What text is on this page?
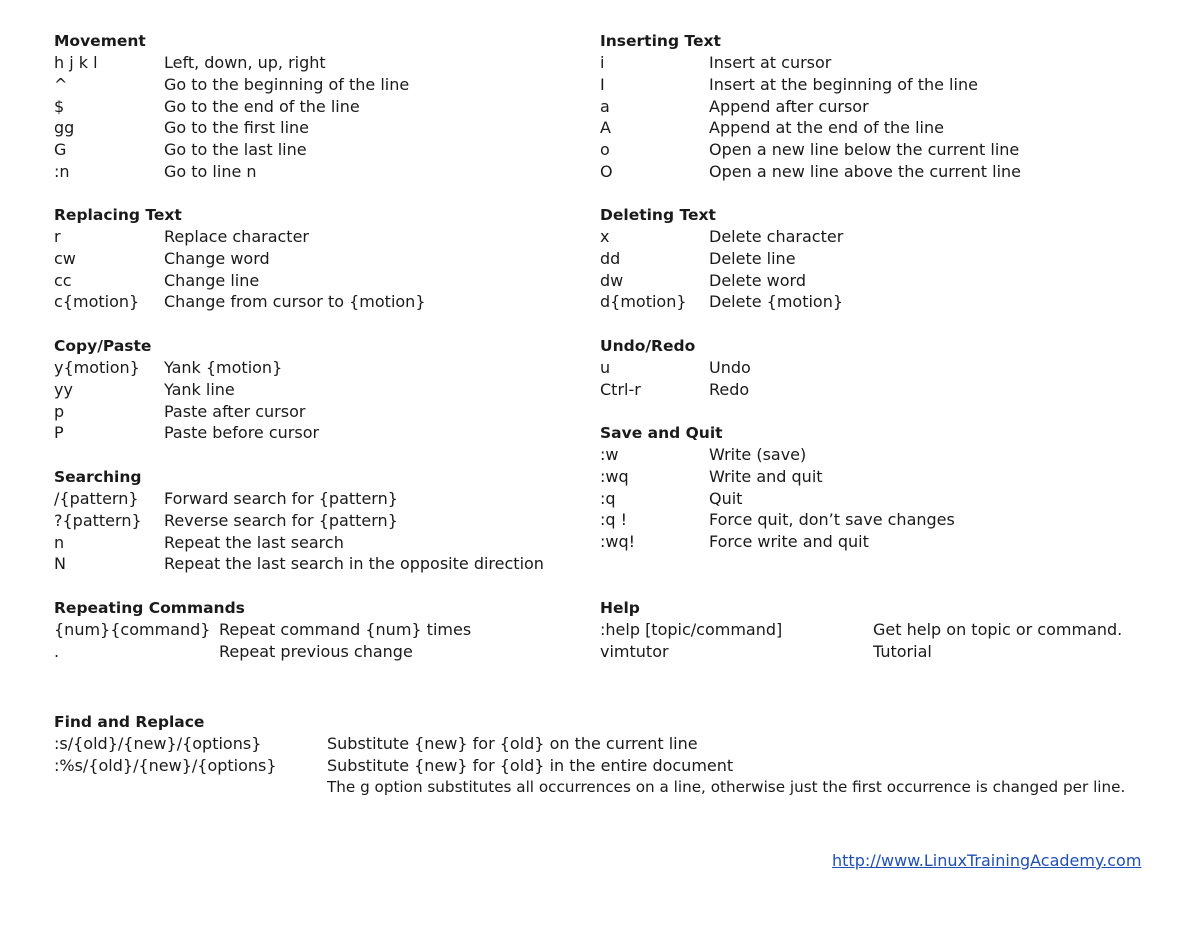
Movement
h j k l	Left, down, up, right
^	Go to the beginning of the line
$	Go to the end of the line
gg	Go to the first line
G	Go to the last line
:n	Go to line n
Inserting Text
i	Insert at cursor
I	Insert at the beginning of the line
a	Append after cursor
A	Append at the end of the line
o	Open a new line below the current line
O	Open a new line above the current line
Replacing Text
r	Replace character
cw	Change word
cc	Change line
c{motion} Change from cursor to {motion}
Deleting Text
x	Delete character
dd	Delete line
dw	Delete word
d{motion} Delete {motion}
Copy/Paste
y{motion} Yank {motion}
yy	Yank line
p	Paste after cursor
P	Paste before cursor
Undo/Redo
u	Undo
Ctrl-r	Redo
Save and Quit
:w	Write (save)
:wq	Write and quit
:q	Quit
:q !	Force quit, don’t save changes
:wq!	Force write and quit
Searching
/{pattern} Forward search for {pattern}
?{pattern} Reverse search for {pattern}
n	Repeat the last search
N	Repeat the last search in the opposite direction
Repeating Commands
{num}{command} Repeat command {num} times
.	Repeat previous change
Help
:help [topic/command]	Get help on topic or command.
vimtutor	Tutorial
Find and Replace
:s/{old}/{new}/{options}	Substitute {new} for {old} on the current line
:%s/{old}/{new}/{options}	Substitute {new} for {old} in the entire document
The g option substitutes all occurrences on a line, otherwise just the first occurrence is changed per line.
http://www.LinuxTrainingAcademy.com
